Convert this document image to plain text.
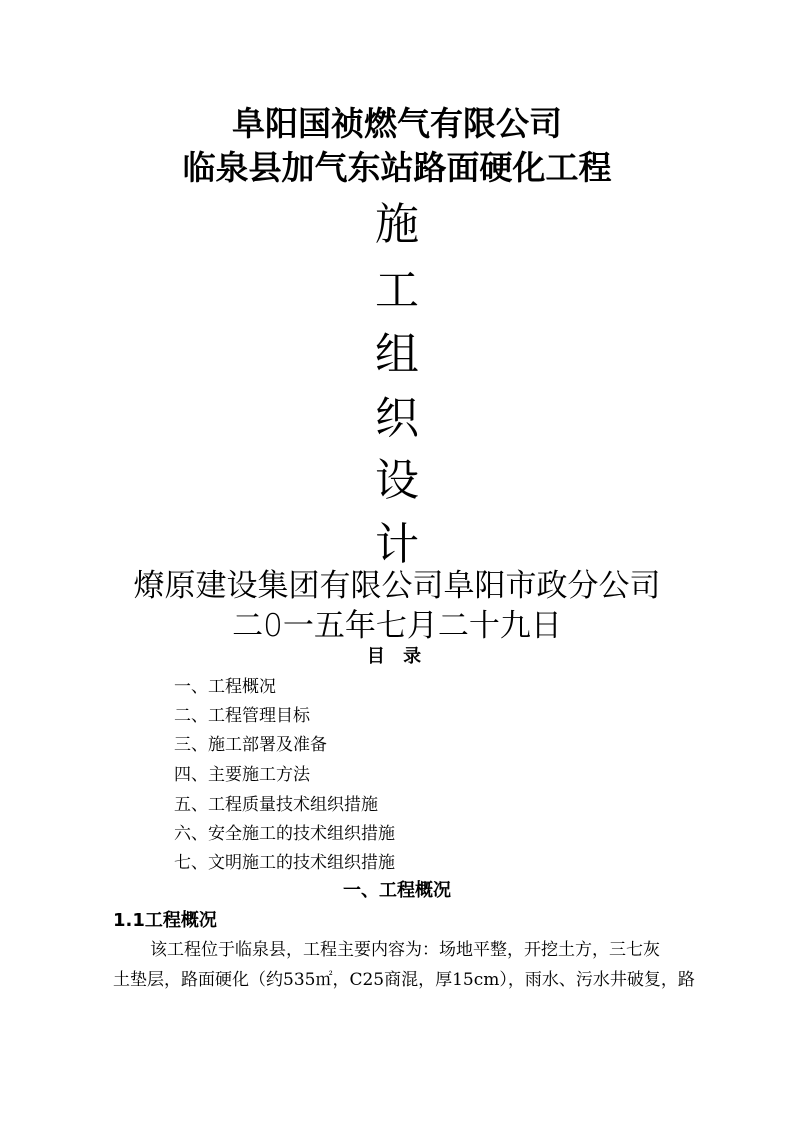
阜阳国祯燃气有限公司
临泉县加气东站路面硬化工程
施
工
组
织
设
计
燎原建设集团有限公司阜阳市政分公司
二0一五年七月二十九日
目 录
一、工程概况
二、工程管理目标
三、施工部署及准备
四、主要施工方法
五、工程质量技术组织措施
六、安全施工的技术组织措施
七、文明施工的技术组织措施
一、工程概况
1.1工程概况
该工程位于临泉县，工程主要内容为：场地平整，开挖土方，三七灰
土垫层，路面硬化（约535㎡，C25商混，厚15cm），雨水、污水井破复，路
